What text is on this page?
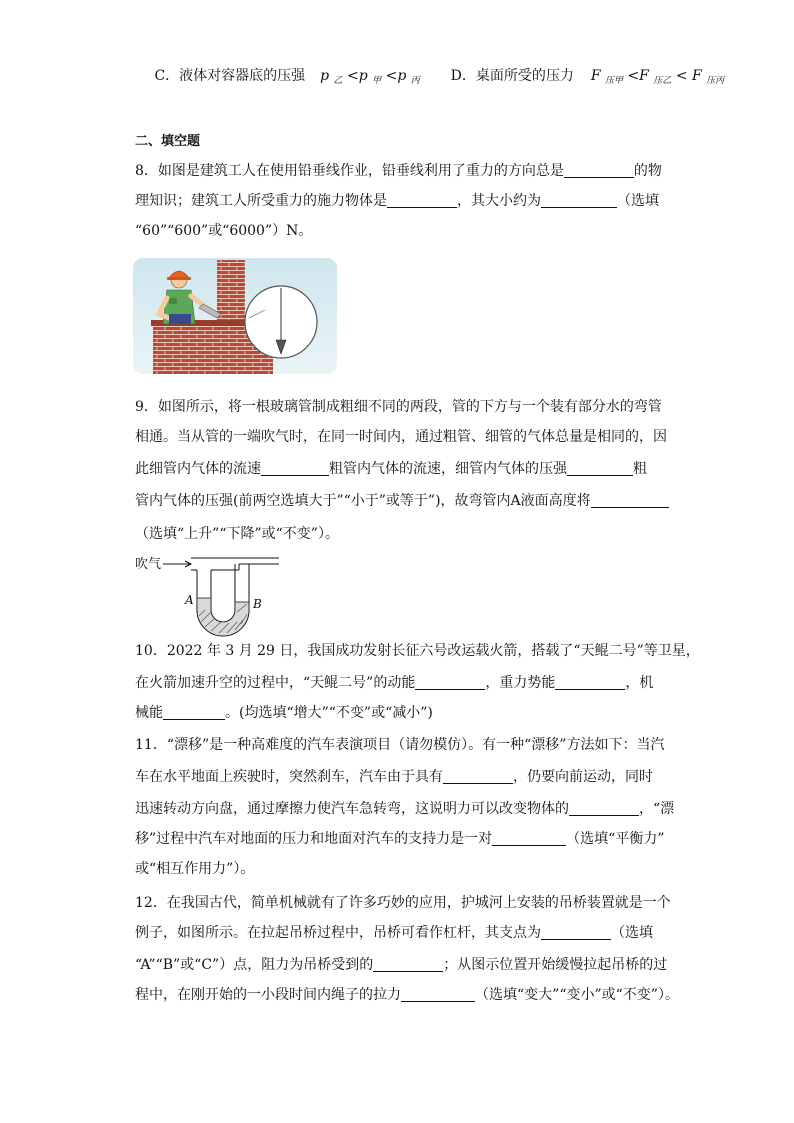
C．液体对容器底的压强 p $_乙$ <p $_甲$ <p $_丙$ D．桌面所受的压力 F $_{压甲}$ <F $_{压乙}$ < F $_{压丙}$
二、填空题
8．如图是建筑工人在使用铅垂线作业，铅垂线利用了重力的方向总是	的物
理知识；建筑工人所受重力的施力物体是	，其大小约为	（选填
“60”“600”或“6000”）N。
9．如图所示，将一根玻璃管制成粗细不同的两段，管的下方与一个装有部分水的弯管
相通。当从管的一端吹气时，在同一时间内，通过粗管、细管的气体总量是相同的，因
此细管内气体的流速	粗管内气体的流速，细管内气体的压强	粗
管内气体的压强(前两空选填大于”“小于”或等于”)，故弯管内A液面高度将
（选填“上升”“下降”或“不变”）。
吹气
A	B
10．2022 年 3 月 29 日，我国成功发射长征六号改运载火箭，搭载了“天鲲二号”等卫星，
在火箭加速升空的过程中，“天鲲二号”的动能	，重力势能	，机
械能	。(均选填“增大”“不变”或“减小”)
11．“漂移”是一种高难度的汽车表演项目（请勿模仿）。有一种“漂移”方法如下：当汽
车在水平地面上疾驶时，突然刹车，汽车由于具有	，仍要向前运动，同时
迅速转动方向盘，通过摩擦力使汽车急转弯，这说明力可以改变物体的	，“漂
移”过程中汽车对地面的压力和地面对汽车的支持力是一对	（选填“平衡力”
或“相互作用力”）。
12．在我国古代，简单机械就有了许多巧妙的应用，护城河上安装的吊桥装置就是一个
例子，如图所示。在拉起吊桥过程中，吊桥可看作杠杆，其支点为	（选填
“A”“B”或“C”）点，阻力为吊桥受到的	；从图示位置开始缓慢拉起吊桥的过
程中，在刚开始的一小段时间内绳子的拉力	（选填“变大”“变小”或“不变”）。
